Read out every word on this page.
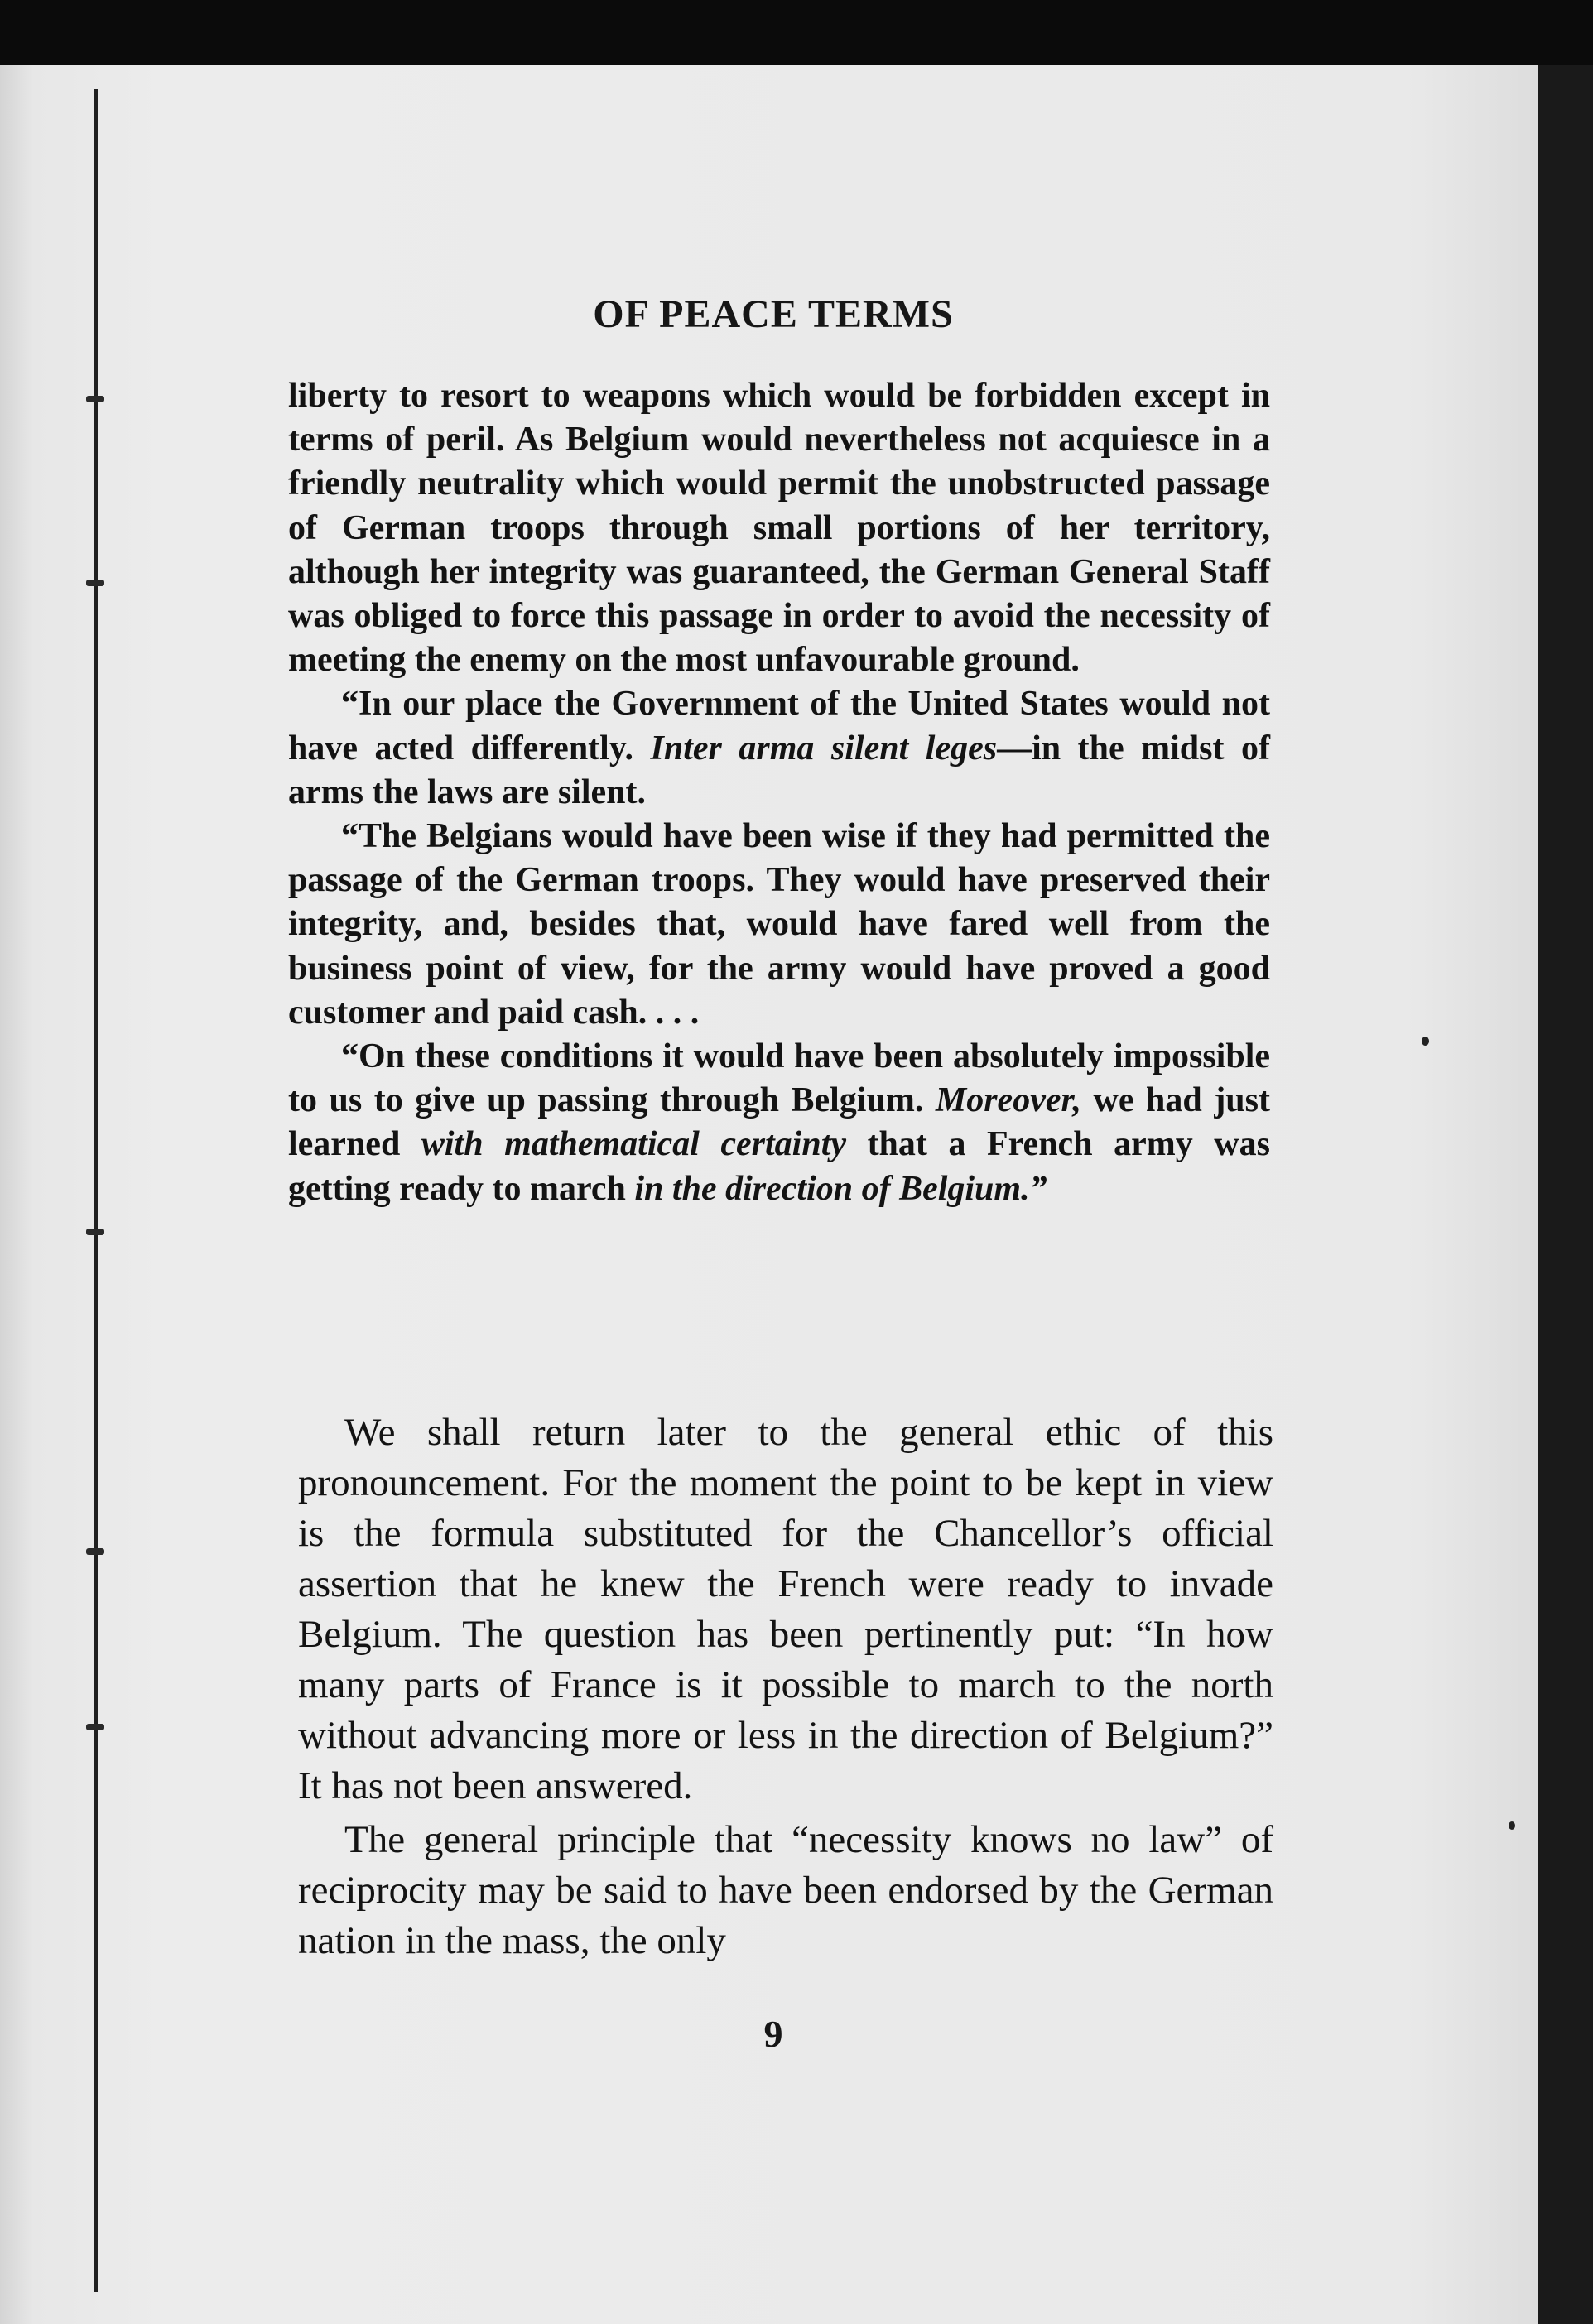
OF PEACE TERMS

liberty to resort to weapons which would be forbidden except in terms of peril. As Belgium would nevertheless not acquiesce in a friendly neutrality which would permit the unobstructed passage of German troops through small portions of her territory, although her integrity was guaranteed, the German General Staff was obliged to force this passage in order to avoid the necessity of meeting the enemy on the most unfavourable ground.

“In our place the Government of the United States would not have acted differently. Inter arma silent leges—in the midst of arms the laws are silent.

“The Belgians would have been wise if they had permitted the passage of the German troops. They would have preserved their integrity, and, besides that, would have fared well from the business point of view, for the army would have proved a good customer and paid cash. . . .

“On these conditions it would have been absolutely impossible to us to give up passing through Belgium. Moreover, we had just learned with mathematical certainty that a French army was getting ready to march in the direction of Belgium.”

We shall return later to the general ethic of this pronouncement. For the moment the point to be kept in view is the formula substituted for the Chancellor’s official assertion that he knew the French were ready to invade Belgium. The question has been pertinently put: “In how many parts of France is it possible to march to the north without advancing more or less in the direction of Belgium?” It has not been answered.

The general principle that “necessity knows no law” of reciprocity may be said to have been endorsed by the German nation in the mass, the only

9
